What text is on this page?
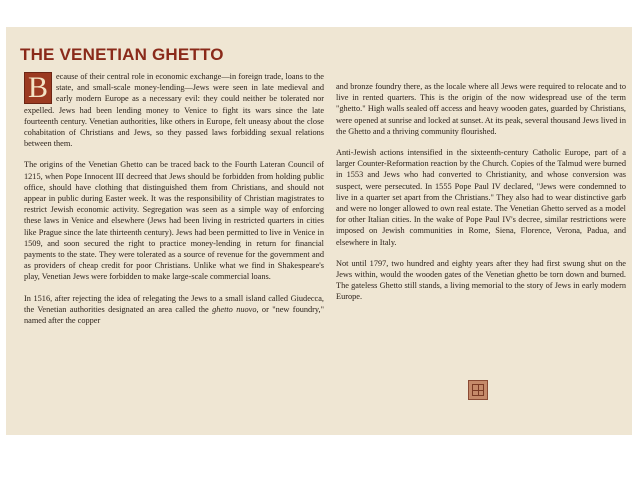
THE VENETIAN GHETTO

B ecause of their central role in economic exchange—in foreign trade, loans to the state, and small-scale money-lending—Jews were seen in late medieval and early modern Europe as a necessary evil: they could neither be tolerated nor expelled. Jews had been lending money to Venice to fight its wars since the late fourteenth century. Venetian authorities, like others in Europe, felt uneasy about the close cohabitation of Christians and Jews, so they passed laws forbidding sexual relations between them.

The origins of the Venetian Ghetto can be traced back to the Fourth Lateran Council of 1215, when Pope Innocent III decreed that Jews should be forbidden from holding public office, should have clothing that distinguished them from Christians, and should not appear in public during Easter week. It was the responsibility of Christian magistrates to restrict Jewish economic activity. Segregation was seen as a simple way of enforcing these laws in Venice and elsewhere (Jews had been living in restricted quarters in cities like Prague since the late thirteenth century). Jews had been permitted to live in Venice in 1509, and soon secured the right to practice money-lending in return for financial payments to the state. They were tolerated as a source of revenue for the government and as providers of cheap credit for poor Christians. Unlike what we find in Shakespeare's play, Venetian Jews were forbidden to make large-scale commercial loans.

In 1516, after rejecting the idea of relegating the Jews to a small island called Giudecca, the Venetian authorities designated an area called the ghetto nuovo, or "new foundry," named after the copper

and bronze foundry there, as the locale where all Jews were required to relocate and to live in rented quarters. This is the origin of the now widespread use of the term "ghetto." High walls sealed off access and heavy wooden gates, guarded by Christians, were opened at sunrise and locked at sunset. At its peak, several thousand Jews lived in the Ghetto and a thriving community flourished.

Anti-Jewish actions intensified in the sixteenth-century Catholic Europe, part of a larger Counter-Reformation reaction by the Church. Copies of the Talmud were burned in 1553 and Jews who had converted to Christianity, and whose conversion was suspect, were persecuted. In 1555 Pope Paul IV declared, "Jews were condemned to live in a quarter set apart from the Christians." They also had to wear distinctive garb and were no longer allowed to own real estate. The Venetian Ghetto served as a model for other Italian cities. In the wake of Pope Paul IV's decree, similar restrictions were imposed on Jewish communities in Rome, Siena, Florence, Verona, Padua, and elsewhere in Italy.

Not until 1797, two hundred and eighty years after they had first swung shut on the Jews within, would the wooden gates of the Venetian ghetto be torn down and burned. The gateless Ghetto still stands, a living memorial to the story of Jews in early modern Europe.
